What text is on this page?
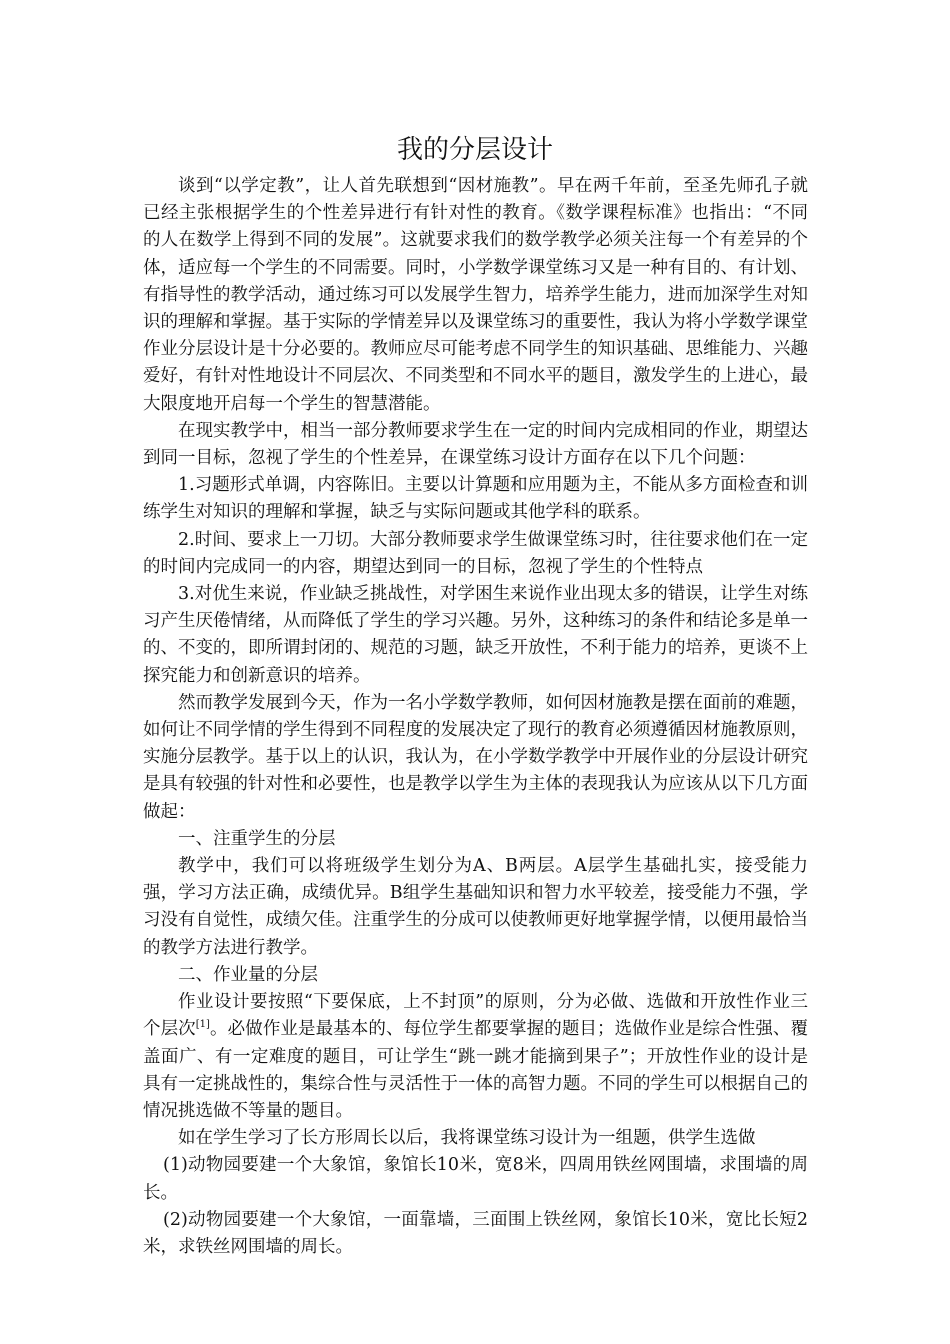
我的分层设计

谈到“以学定教”，让人首先联想到“因材施教”。早在两千年前，至圣先师孔子就已经主张根据学生的个性差异进行有针对性的教育。《数学课程标准》也指出：“不同的人在数学上得到不同的发展”。这就要求我们的数学教学必须关注每一个有差异的个体，适应每一个学生的不同需要。同时，小学数学课堂练习又是一种有目的、有计划、有指导性的教学活动，通过练习可以发展学生智力，培养学生能力，进而加深学生对知识的理解和掌握。基于实际的学情差异以及课堂练习的重要性，我认为将小学数学课堂作业分层设计是十分必要的。教师应尽可能考虑不同学生的知识基础、思维能力、兴趣爱好，有针对性地设计不同层次、不同类型和不同水平的题目，激发学生的上进心，最大限度地开启每一个学生的智慧潜能。

在现实教学中，相当一部分教师要求学生在一定的时间内完成相同的作业，期望达到同一目标，忽视了学生的个性差异，在课堂练习设计方面存在以下几个问题：

1.习题形式单调，内容陈旧。主要以计算题和应用题为主，不能从多方面检查和训练学生对知识的理解和掌握，缺乏与实际问题或其他学科的联系。

2.时间、要求上一刀切。大部分教师要求学生做课堂练习时，往往要求他们在一定的时间内完成同一的内容，期望达到同一的目标，忽视了学生的个性特点

3.对优生来说，作业缺乏挑战性，对学困生来说作业出现太多的错误，让学生对练习产生厌倦情绪，从而降低了学生的学习兴趣。另外，这种练习的条件和结论多是单一的、不变的，即所谓封闭的、规范的习题，缺乏开放性，不利于能力的培养，更谈不上探究能力和创新意识的培养。

然而教学发展到今天，作为一名小学数学教师，如何因材施教是摆在面前的难题，如何让不同学情的学生得到不同程度的发展决定了现行的教育必须遵循因材施教原则，实施分层教学。基于以上的认识，我认为，在小学数学教学中开展作业的分层设计研究是具有较强的针对性和必要性，也是教学以学生为主体的表现我认为应该从以下几方面做起：

一、注重学生的分层

教学中，我们可以将班级学生划分为A、B两层。A层学生基础扎实，接受能力强，学习方法正确，成绩优异。B组学生基础知识和智力水平较差，接受能力不强，学习没有自觉性，成绩欠佳。注重学生的分成可以使教师更好地掌握学情，以便用最恰当的教学方法进行教学。

二、作业量的分层

作业设计要按照“下要保底，上不封顶”的原则，分为必做、选做和开放性作业三个层次[1]。必做作业是最基本的、每位学生都要掌握的题目；选做作业是综合性强、覆盖面广、有一定难度的题目，可让学生“跳一跳才能摘到果子”；开放性作业的设计是具有一定挑战性的，集综合性与灵活性于一体的高智力题。不同的学生可以根据自己的情况挑选做不等量的题目。

如在学生学习了长方形周长以后，我将课堂练习设计为一组题，供学生选做

(1)动物园要建一个大象馆，象馆长10米，宽8米，四周用铁丝网围墙，求围墙的周长。

(2)动物园要建一个大象馆，一面靠墙，三面围上铁丝网，象馆长10米，宽比长短2米，求铁丝网围墙的周长。
